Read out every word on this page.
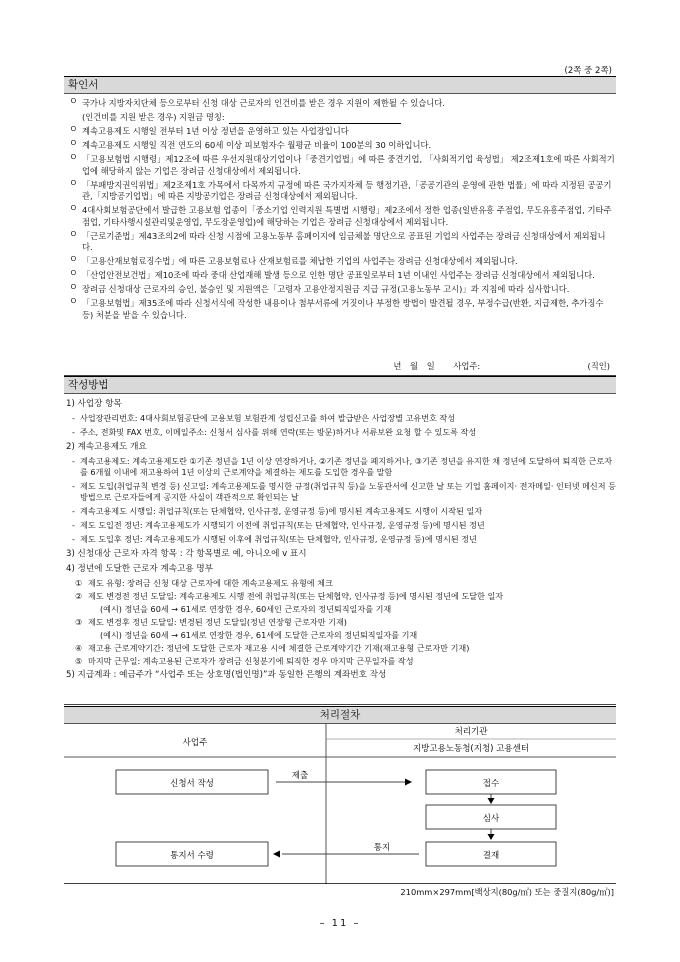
(2쪽 중 2쪽)
확인서
ㅇ 국가나 지방자치단체 등으로부터 신청 대상 근로자의 인건비를 받은 경우 지원이 제한될 수 있습니다.
(인건비를 지원 받은 경우) 지원금 명칭:
ㅇ 계속고용제도 시행일 전부터 1년 이상 정년을 운영하고 있는 사업장입니다
ㅇ 계속고용제도 시행일 직전 연도의 60세 이상 피보험자수 월평균 비율이 100분의 30 이하입니다.
ㅇ 「고용보험법 시행령」제12조에 따른 우선지원대상기업이나「중견기업법」에 따른 중견기업, 「사회적기업 육성법」 제2조제1호에 따른 사회적기업에 해당하지 않는 기업은 장려금 신청대상에서 제외됩니다.
ㅇ 「부패방지권익위법」제2조제1호 가목에서 다목까지 규정에 따른 국가지자체 등 행정기관,「공공기관의 운영에 관한 법률」에 따라 지정된 공공기관,「지방공기업법」에 따른 지방공기업은 장려금 신청대상에서 제외됩니다.
ㅇ 4대사회보험공단에서 발급한 고용보험 업종이「중소기업 인력지원 특별법 시행령」제2조에서 정한 업종(일반유흥 주점업, 무도유흥주점업, 기타주점업, 기타사행시설관리및운영업, 무도장운영업)에 해당하는 기업은 장려금 신청대상에서 제외됩니다.
ㅇ 「근로기준법」제43조의2에 따라 신청 시점에 고용노동부 홈페이지에 임금체불 명단으로 공표된 기업의 사업주는 장려금 신청대상에서 제외됩니다.
ㅇ 「고용산재보험료징수법」에 따른 고용보험료나 산재보험료를 체납한 기업의 사업주는 장려금 신청대상에서 제외됩니다.
ㅇ 「산업안전보건법」제10조에 따라 중대 산업재해 발생 등으로 인한 명단 공표일로부터 1년 이내인 사업주는 장려금 신청대상에서 제외됩니다.
ㅇ 장려금 신청대상 근로자의 승인, 불승인 및 지원액은「고령자 고용안정지원금 지급 규정(고용노동부 고시)」과 지침에 따라 심사합니다.
ㅇ 「고용보험법」제35조에 따라 신청서식에 작성한 내용이나 첨부서류에 거짓이나 부정한 방법이 발견될 경우, 부정수급(반환, 지급제한, 추가징수 등) 처분을 받을 수 있습니다.
년 월 일 사업주:	(직인)
작성방법
1) 사업장 항목
- 사업장관리번호: 4대사회보험공단에 고용보험 보험관계 성립신고를 하여 발급받은 사업장별 고유번호 작성
- 주소, 전화및 FAX 번호, 이메일주소: 신청서 심사를 위해 연락(또는 방문)하거나 서류보완 요청 할 수 있도록 작성
2) 계속고용제도 개요
- 계속고용제도: 계속고용제도란 ①기존 정년을 1년 이상 연장하거나, ②기존 정년을 폐지하거나, ③기존 정년을 유지한 채 정년에 도달하여 퇴직한 근로자를 6개월 이내에 재고용하여 1년 이상의 근로계약을 체결하는 제도를 도입한 경우를 말함
- 제도 도입(취업규칙 변경 등) 신고일: 계속고용제도를 명시한 규정(취업규칙 등)을 노동관서에 신고한 날 또는 기업 홈페이지· 전자메일· 인터넷 메신저 등 방법으로 근로자들에게 공지한 사실이 객관적으로 확인되는 날
- 계속고용제도 시행일: 취업규칙(또는 단체협약, 인사규정, 운영규정 등)에 명시된 계속고용제도 시행이 시작된 일자
- 제도 도입전 정년: 계속고용제도가 시행되기 이전에 취업규칙(또는 단체협약, 인사규정, 운영규정 등)에 명시된 정년
- 제도 도입후 정년: 계속고용제도가 시행된 이후에 취업규칙(또는 단체협약, 인사규정, 운영규정 등)에 명시된 정년
3) 신청대상 근로자 자격 항목 : 각 항목별로 예, 아니오에 v 표시
4) 정년에 도달한 근로자 계속고용 명부
① 제도 유형: 장려금 신청 대상 근로자에 대한 계속고용제도 유형에 체크
② 제도 변경전 정년 도달일: 계속고용제도 시행 전에 취업규칙(또는 단체협약, 인사규정 등)에 명시된 정년에 도달한 일자
(예시) 정년을 60세 → 61세로 연장한 경우, 60세인 근로자의 정년퇴직일자를 기재
③ 제도 변경후 정년 도달일: 변경된 정년 도달일(정년 연장형 근로자만 기재)
(예시) 정년을 60세 → 61세로 연장한 경우, 61세에 도달한 근로자의 정년퇴직일자를 기재
④ 재고용 근로계약기간: 정년에 도달한 근로자 재고용 시에 체결한 근로계약기간 기재(재고용형 근로자만 기재)
⑤ 마지막 근무일: 계속고용된 근로자가 장려금 신청분기에 퇴직한 경우 마지막 근무일자를 작성
5) 지급계좌 : 예금주가 “사업주 또는 상호명(법인명)”과 동일한 은행의 계좌번호 작성
처리절차
사업주
처리기관
지방고용노동청(지청) 고용센터
신청서 작성	접수
심사
결재
통지서 수령
제출
통지
210mm×297mm[백상지(80g/㎡) 또는 중질지(80g/㎡)]
– 11 –
